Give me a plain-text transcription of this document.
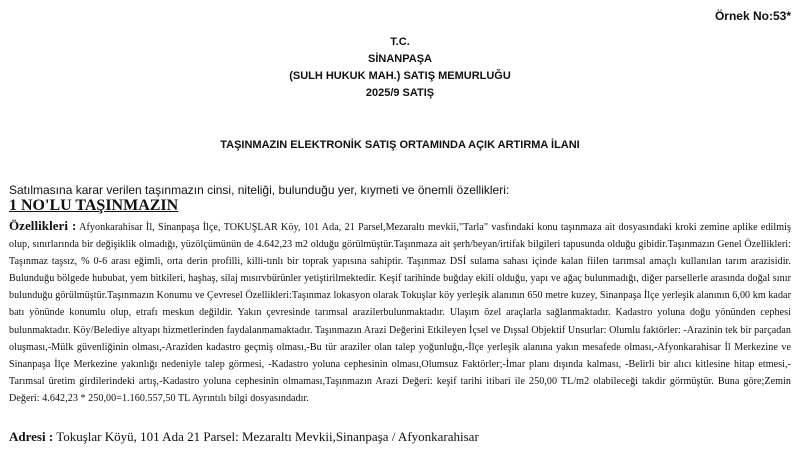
Örnek No:53*
T.C.
SİNANPAŞA
(SULH HUKUK MAH.) SATIŞ MEMURLUĞU
2025/9 SATIŞ
TAŞINMAZIN ELEKTRONİK SATIŞ ORTAMINDA AÇIK ARTIRMA İLANI
Satılmasına karar verilen taşınmazın cinsi, niteliği, bulunduğu yer, kıymeti ve önemli özellikleri:
1 NO'LU TAŞINMAZIN
Özellikleri : Afyonkarahisar İl, Sinanpaşa İlçe, TOKUŞLAR Köy, 101 Ada, 21 Parsel,Mezaraltı mevkii,"Tarla" vasfındaki konu taşınmaza ait dosyasındaki kroki zemine aplike edilmiş olup, sınırlarında bir değişiklik olmadığı, yüzölçümünün de 4.642,23 m2 olduğu görülmüştür.Taşınmaza ait şerh/beyan/irtifak bilgileri tapusunda olduğu gibidir.Taşınmazın Genel Özellikleri: Taşınmaz taşsız, % 0-6 arası eğimli, orta derin profilli, killi-tınlı bir toprak yapısına sahiptir. Taşınmaz DSİ sulama sahası içinde kalan fiilen tarımsal amaçlı kullanılan tarım arazisidir. Bulunduğu bölgede hububat, yem bitkileri, haşhaş, silaj mısırvbürünler yetiştirilmektedir. Keşif tarihinde buğday ekili olduğu, yapı ve ağaç bulunmadığı, diğer parsellerle arasında doğal sınır bulunduğu görülmüştür.Taşınmazın Konumu ve Çevresel Özellikleri:Taşınmaz lokasyon olarak Tokuşlar köy yerleşik alanının 650 metre kuzey, Sinanpaşa İlçe yerleşik alanının 6,00 km kadar batı yönünde konumlu olup, etrafı meskun değildir. Yakın çevresinde tarımsal arazilerbulunmaktadır. Ulaşım özel araçlarla sağlanmaktadır. Kadastro yoluna doğu yönünden cephesi bulunmaktadır. Köy/Belediye altyapı hizmetlerinden faydalanmamaktadır. Taşınmazın Arazi Değerini Etkileyen İçsel ve Dışsal Objektif Unsurlar: Olumlu faktörler: -Arazinin tek bir parçadan oluşması,-Mülk güvenliğinin olması,-Araziden kadastro geçmiş olması,-Bu tür araziler olan talep yoğunluğu,-İlçe yerleşik alanına yakın mesafede olması,-Afyonkarahisar İl Merkezine ve Sinanpaşa İlçe Merkezine yakınlığı nedeniyle talep görmesi, -Kadastro yoluna cephesinin olması,Olumsuz Faktörler;-İmar planı dışında kalması, -Belirli bir alıcı kitlesine hitap etmesi,-Tarımsal üretim girdilerindeki artış,-Kadastro yoluna cephesinin olmaması,Taşınmazın Arazi Değeri: keşif tarihi itibari ile 250,00 TL/m2 olabileceği takdir görmüştür. Buna göre;Zemin Değeri: 4.642,23 * 250,00=1.160.557,50 TL Ayrıntılı bilgi dosyasındadır.
Adresi : Tokuşlar Köyü, 101 Ada 21 Parsel: Mezaraltı Mevkii,Sinanpaşa / Afyonkarahisar
